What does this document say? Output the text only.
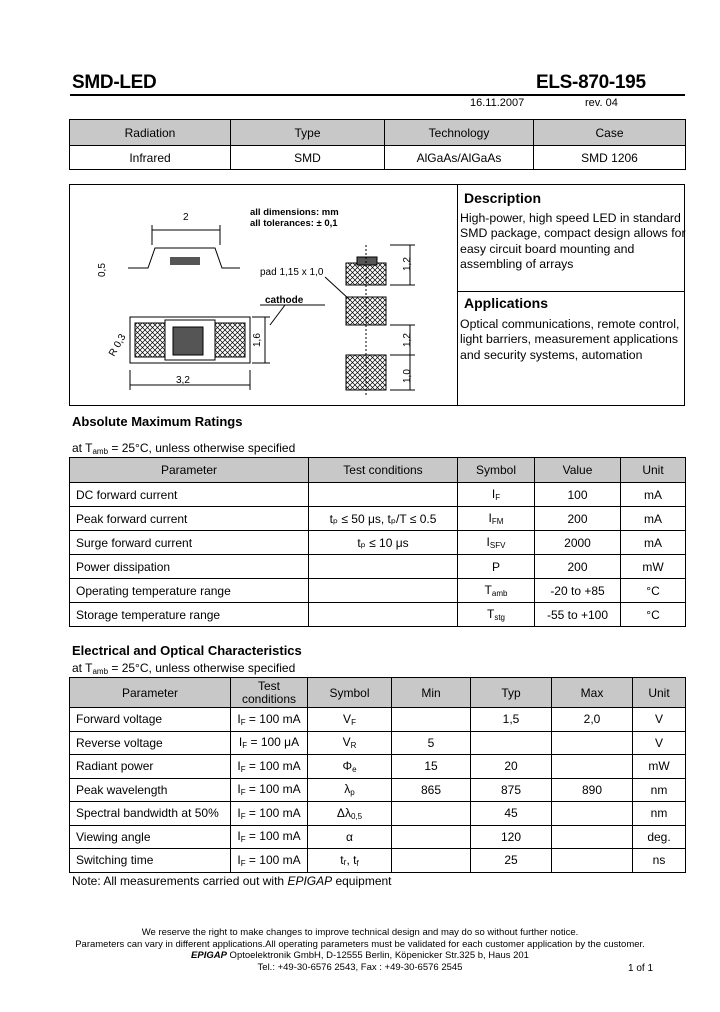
SMD-LED	ELS-870-195
16.11.2007	rev. 04
Radiation	Type	Technology	Case
Infrared	SMD	AlGaAs/AlGaAs	SMD 1206
2	all dimensions: mm
all tolerances: ± 0,1
0,5
R 0,3
cathode
1,6
3,2
1,2
pad 1,15 x 1,0
1,2
1,0
Description
High-power, high speed LED in standard SMD package, compact design allows for easy circuit board mounting and assembling of arrays
Applications
Optical communications, remote control, light barriers, measurement applications and security systems, automation
Absolute Maximum Ratings
at $T_{amb} = 25^\circ C$, unless otherwise specified
Parameter	Test conditions	Symbol	Value	Unit
DC forward current		$I_F$	100	mA
Peak forward current	tₚ ≤ 50 μs, tₚ/T ≤ 0.5	$I_{FM}$	200	mA
Surge forward current	tₚ ≤ 10 μs	$I_{SFV}$	2000	mA
Power dissipation		P	200	mW
Operating temperature range		$T_{amb}$	-20 to +85	°C
Storage temperature range		$T_{stg}$	-55 to +100	°C
Electrical and Optical Characteristics
at $T_{amb} = 25^\circ C$, unless otherwise specified
Parameter	Test conditions	Symbol	Min	Typ	Max	Unit
Forward voltage	$I_F = 100$ mA	$V_F$		1,5	2,0	V
Reverse voltage	$I_F = 100$ μA	$V_R$	5			V
Radiant power	$I_F = 100$ mA	$\Phi_e$	15	20		mW
Peak wavelength	$I_F = 100$ mA	$\lambda_p$	865	875	890	nm
Spectral bandwidth at 50%	$I_F = 100$ mA	$\Delta\lambda_{0,5}$		45		nm
Viewing angle	$I_F = 100$ mA	α		120		deg.
Switching time	$I_F = 100$ mA	tᵣ, $t_f$		25		ns
Note: All measurements carried out with EPIGAP equipment
We reserve the right to make changes to improve technical design and may do so without further notice.
Parameters can vary in different applications.All operating parameters must be validated for each customer application by the customer.
EPIGAP Optoelektronik GmbH, D-12555 Berlin, Köpenicker Str.325 b, Haus 201
Tel.: +49-30-6576 2543, Fax : +49-30-6576 2545	1 of 1
